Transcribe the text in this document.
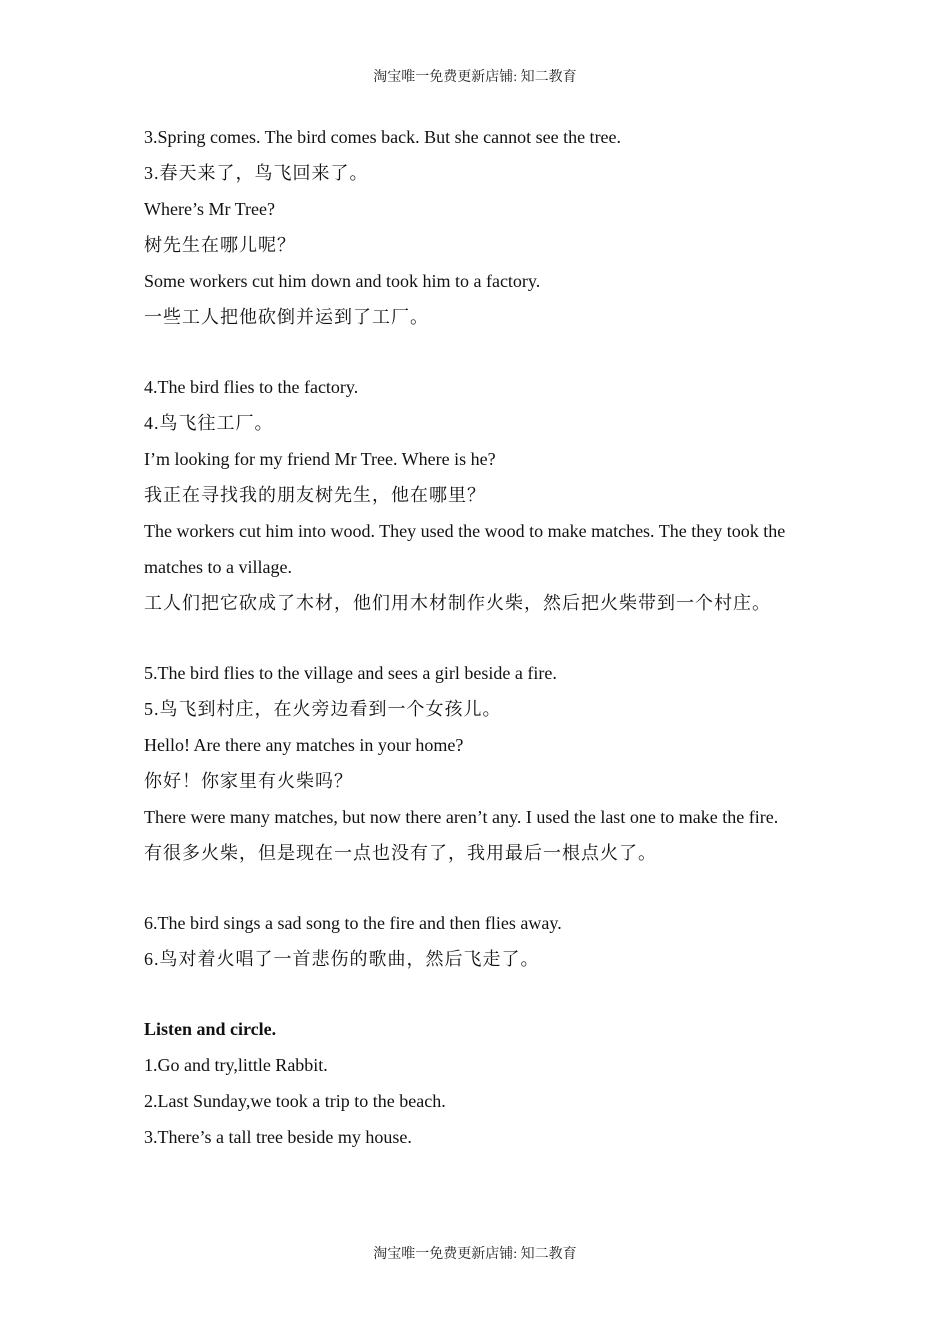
淘宝唯一免费更新店铺: 知二教育

3.Spring comes. The bird comes back. But she cannot see the tree.

3.春天来了，鸟飞回来了。

Where’s Mr Tree?

树先生在哪儿呢？

Some workers cut him down and took him to a factory.

一些工人把他砍倒并运到了工厂。

4.The bird flies to the factory.

4.鸟飞往工厂。

I’m looking for my friend Mr Tree. Where is he?

我正在寻找我的朋友树先生，他在哪里？

The workers cut him into wood. They used the wood to make matches. The they took the matches to a village.

工人们把它砍成了木材，他们用木材制作火柴，然后把火柴带到一个村庄。

5.The bird flies to the village and sees a girl beside a fire.

5.鸟飞到村庄，在火旁边看到一个女孩儿。

Hello! Are there any matches in your home?

你好！你家里有火柴吗？

There were many matches, but now there aren’t any. I used the last one to make the fire.

有很多火柴，但是现在一点也没有了，我用最后一根点火了。

6.The bird sings a sad song to the fire and then flies away.

6.鸟对着火唱了一首悲伤的歌曲，然后飞走了。

Listen and circle.

1.Go and try,little Rabbit.

2.Last Sunday,we took a trip to the beach.

3.There’s a tall tree beside my house.

淘宝唯一免费更新店铺: 知二教育
